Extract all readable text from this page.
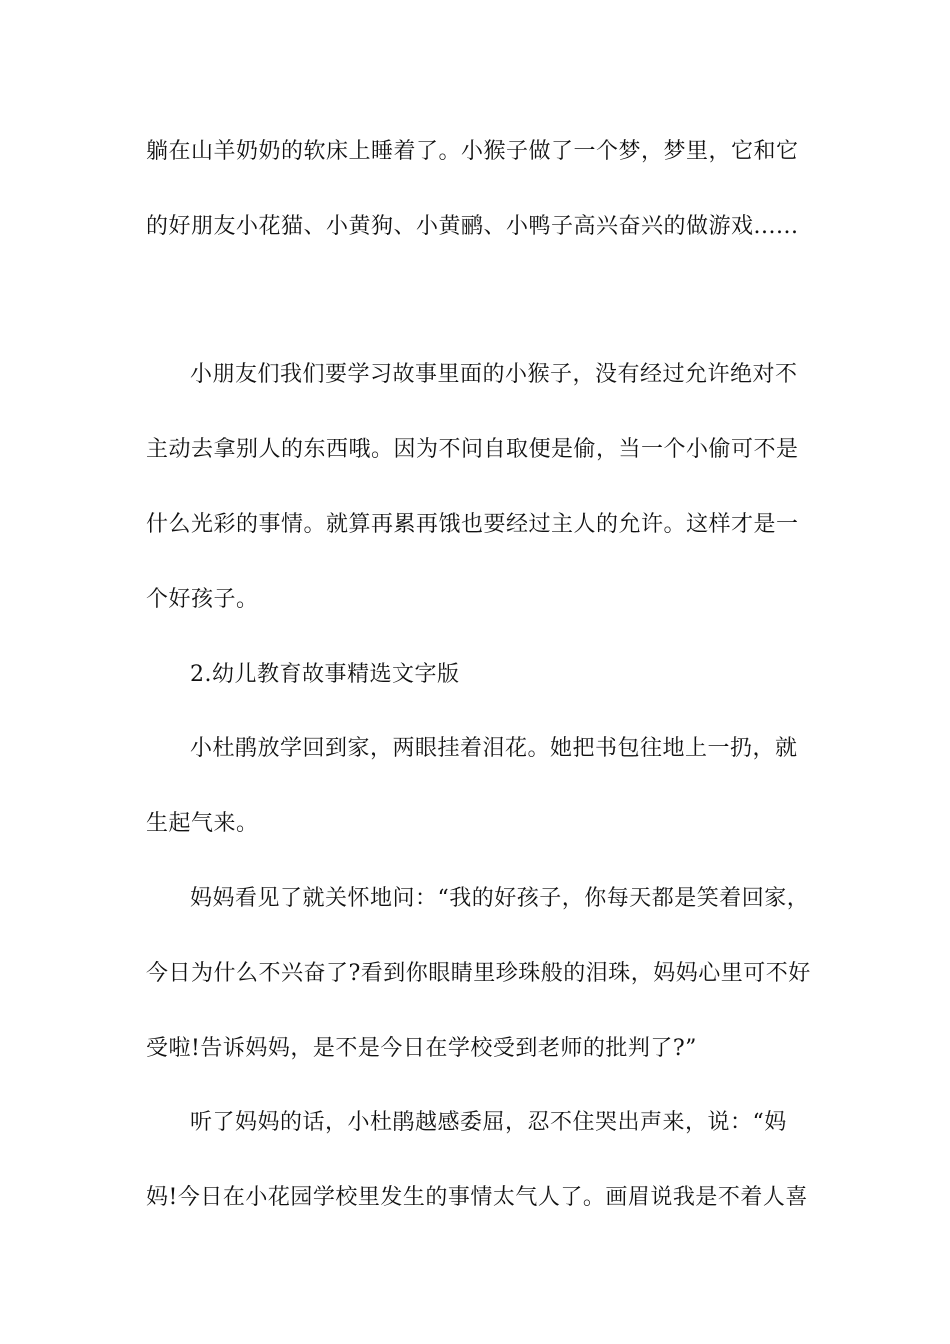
躺在山羊奶奶的软床上睡着了。小猴子做了一个梦，梦里，它和它
的好朋友小花猫、小黄狗、小黄鹂、小鸭子高兴奋兴的做游戏......
小朋友们我们要学习故事里面的小猴子，没有经过允许绝对不
主动去拿别人的东西哦。因为不问自取便是偷，当一个小偷可不是
什么光彩的事情。就算再累再饿也要经过主人的允许。这样才是一
个好孩子。
2.幼儿教育故事精选文字版
小杜鹃放学回到家，两眼挂着泪花。她把书包往地上一扔，就
生起气来。
妈妈看见了就关怀地问：“我的好孩子，你每天都是笑着回家，
今日为什么不兴奋了?看到你眼睛里珍珠般的泪珠，妈妈心里可不好
受啦!告诉妈妈，是不是今日在学校受到老师的批判了?”
听了妈妈的话，小杜鹃越感委屈，忍不住哭出声来，说：“妈
妈!今日在小花园学校里发生的事情太气人了。画眉说我是不着人喜
